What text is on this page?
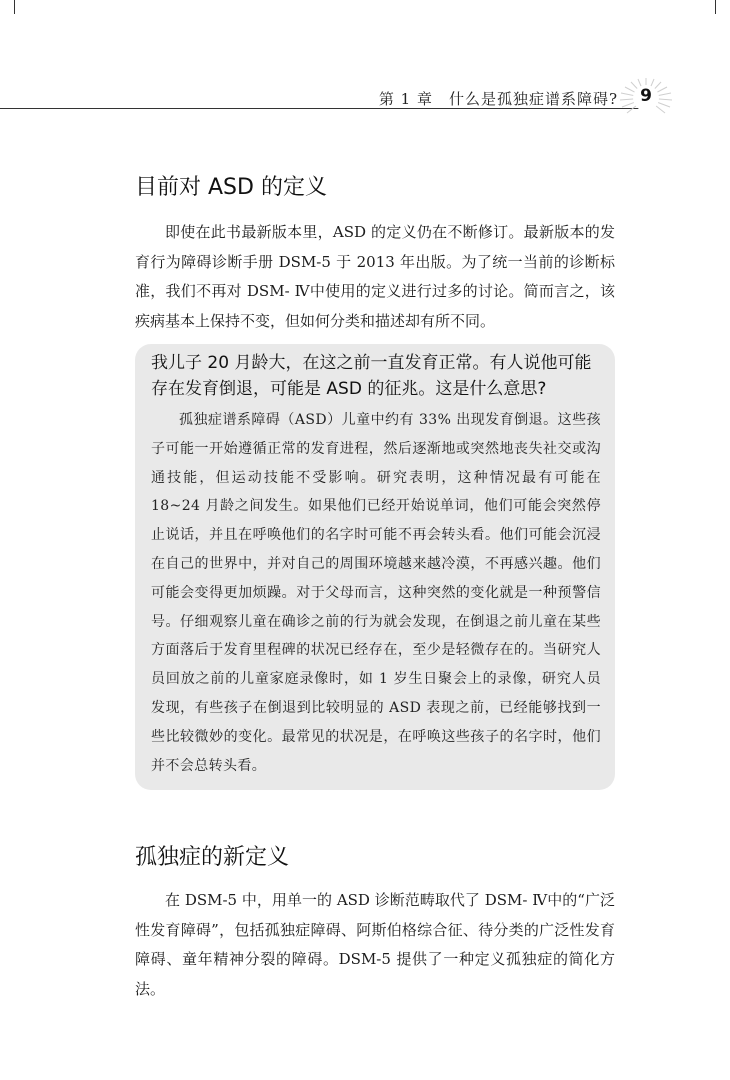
第 1 章　什么是孤独症谱系障碍?	9
目前对 ASD 的定义

即使在此书最新版本里，ASD 的定义仍在不断修订。最新版本的发育行为障碍诊断手册 DSM-5 于 2013 年出版。为了统一当前的诊断标准，我们不再对 DSM- Ⅳ中使用的定义进行过多的讨论。简而言之，该疾病基本上保持不变，但如何分类和描述却有所不同。

我儿子 20 月龄大，在这之前一直发育正常。有人说他可能存在发育倒退，可能是 ASD 的征兆。这是什么意思?

孤独症谱系障碍（ASD）儿童中约有 33% 出现发育倒退。这些孩子可能一开始遵循正常的发育进程，然后逐渐地或突然地丧失社交或沟通技能，但运动技能不受影响。研究表明，这种情况最有可能在 18~24 月龄之间发生。如果他们已经开始说单词，他们可能会突然停止说话，并且在呼唤他们的名字时可能不再会转头看。他们可能会沉浸在自己的世界中，并对自己的周围环境越来越冷漠，不再感兴趣。他们可能会变得更加烦躁。对于父母而言，这种突然的变化就是一种预警信号。仔细观察儿童在确诊之前的行为就会发现，在倒退之前儿童在某些方面落后于发育里程碑的状况已经存在，至少是轻微存在的。当研究人员回放之前的儿童家庭录像时，如 1 岁生日聚会上的录像，研究人员发现，有些孩子在倒退到比较明显的 ASD 表现之前，已经能够找到一些比较微妙的变化。最常见的状况是，在呼唤这些孩子的名字时，他们并不会总转头看。

孤独症的新定义

在 DSM-5 中，用单一的 ASD 诊断范畴取代了 DSM- Ⅳ中的“广泛性发育障碍”，包括孤独症障碍、阿斯伯格综合征、待分类的广泛性发育障碍、童年精神分裂的障碍。DSM-5 提供了一种定义孤独症的简化方法。
